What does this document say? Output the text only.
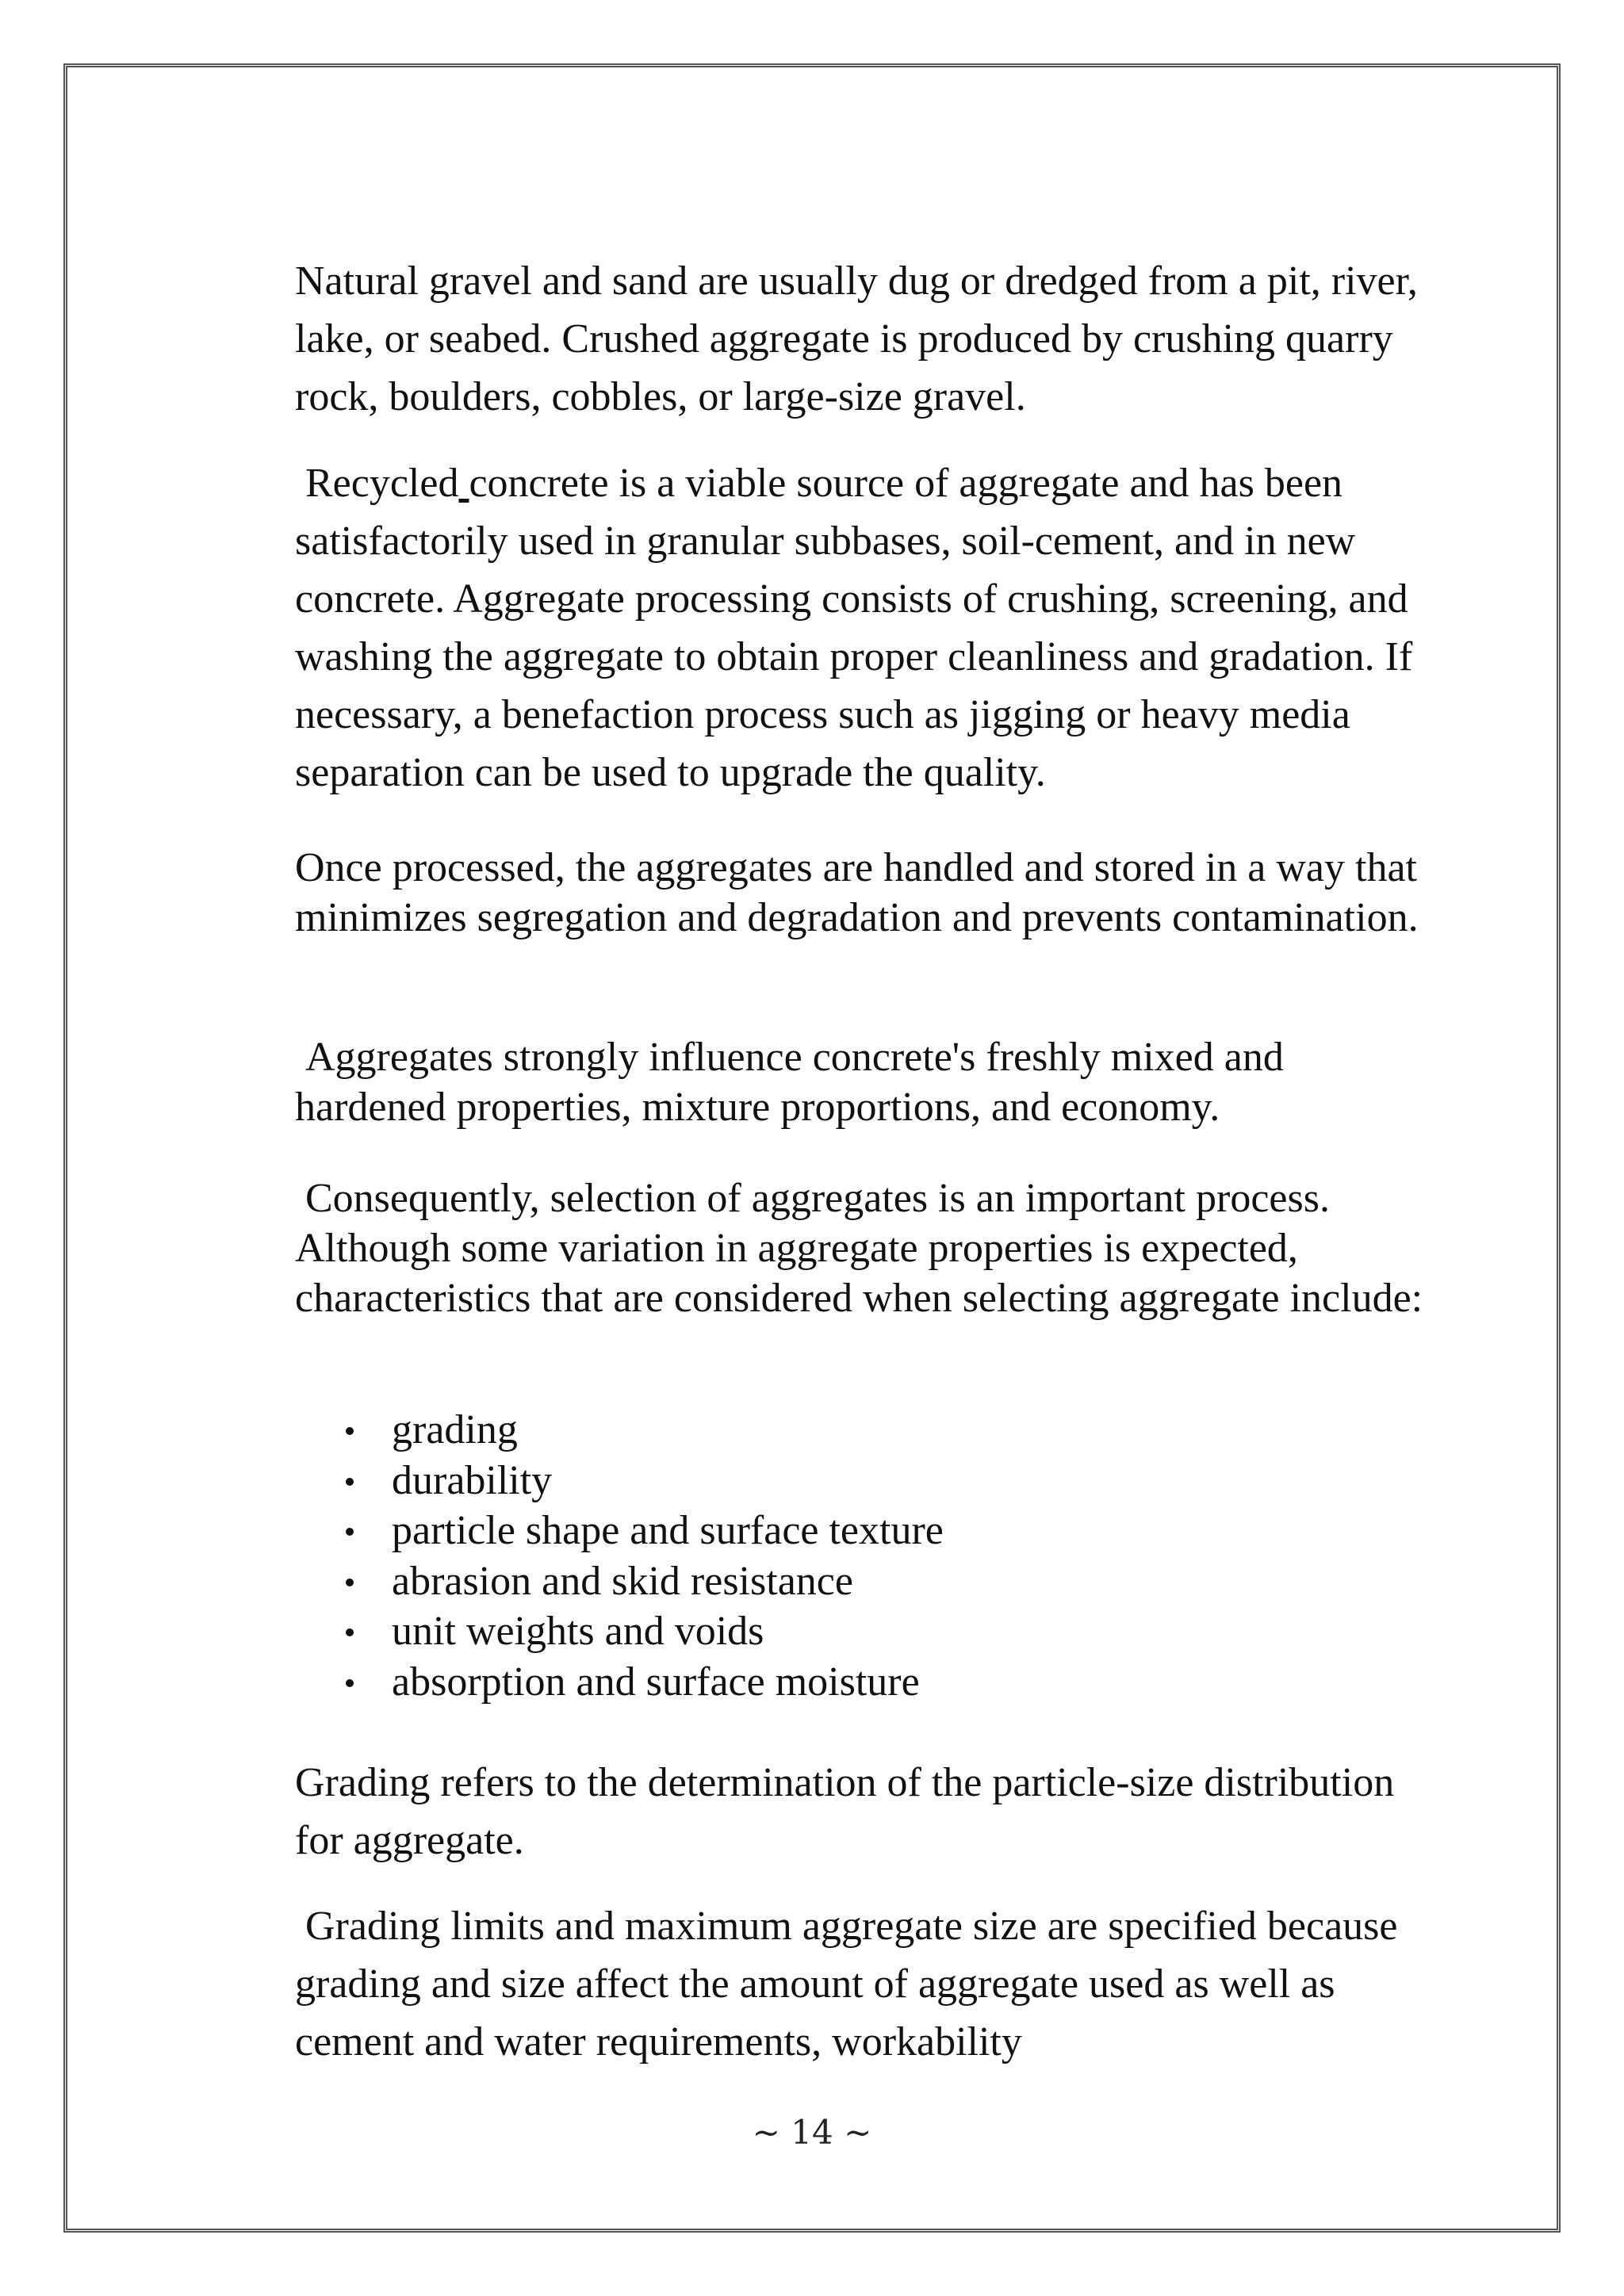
Natural gravel and sand are usually dug or dredged from a pit, river, lake, or seabed. Crushed aggregate is produced by crushing quarry rock, boulders, cobbles, or large-size gravel.

Recycled concrete is a viable source of aggregate and has been satisfactorily used in granular subbases, soil-cement, and in new concrete. Aggregate processing consists of crushing, screening, and washing the aggregate to obtain proper cleanliness and gradation. If necessary, a benefaction process such as jigging or heavy media separation can be used to upgrade the quality.

Once processed, the aggregates are handled and stored in a way that minimizes segregation and degradation and prevents contamination.

Aggregates strongly influence concrete's freshly mixed and hardened properties, mixture proportions, and economy.

Consequently, selection of aggregates is an important process. Although some variation in aggregate properties is expected, characteristics that are considered when selecting aggregate include:

grading
durability
particle shape and surface texture
abrasion and skid resistance
unit weights and voids
absorption and surface moisture

Grading refers to the determination of the particle-size distribution for aggregate.

Grading limits and maximum aggregate size are specified because grading and size affect the amount of aggregate used as well as cement and water requirements, workability

~ 14 ~
